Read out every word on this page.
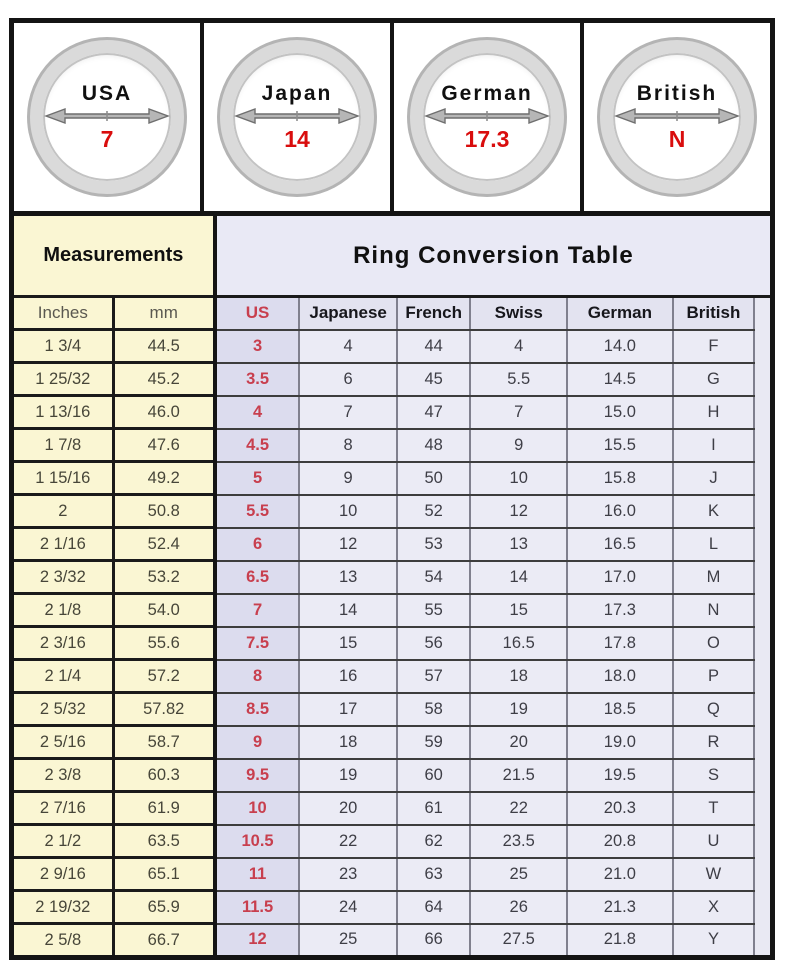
USA
7
Japan
14
German
17.3
British
N
Measurements		Ring Conversion Table						
Inches	mm	US	Japanese	French	Swiss	German	British	
1 3/4	44.5	3	4	44	4	14.0	F	
1 25/32	45.2	3.5	6	45	5.5	14.5	G	
1 13/16	46.0	4	7	47	7	15.0	H	
1 7/8	47.6	4.5	8	48	9	15.5	I	
1 15/16	49.2	5	9	50	10	15.8	J	
2	50.8	5.5	10	52	12	16.0	K	
2 1/16	52.4	6	12	53	13	16.5	L	
2 3/32	53.2	6.5	13	54	14	17.0	M	
2 1/8	54.0	7	14	55	15	17.3	N	
2 3/16	55.6	7.5	15	56	16.5	17.8	O	
2 1/4	57.2	8	16	57	18	18.0	P	
2 5/32	57.82	8.5	17	58	19	18.5	Q	
2 5/16	58.7	9	18	59	20	19.0	R	
2 3/8	60.3	9.5	19	60	21.5	19.5	S	
2 7/16	61.9	10	20	61	22	20.3	T	
2 1/2	63.5	10.5	22	62	23.5	20.8	U	
2 9/16	65.1	11	23	63	25	21.0	W	
2 19/32	65.9	11.5	24	64	26	21.3	X	
2 5/8	66.7	12	25	66	27.5	21.8	Y	
